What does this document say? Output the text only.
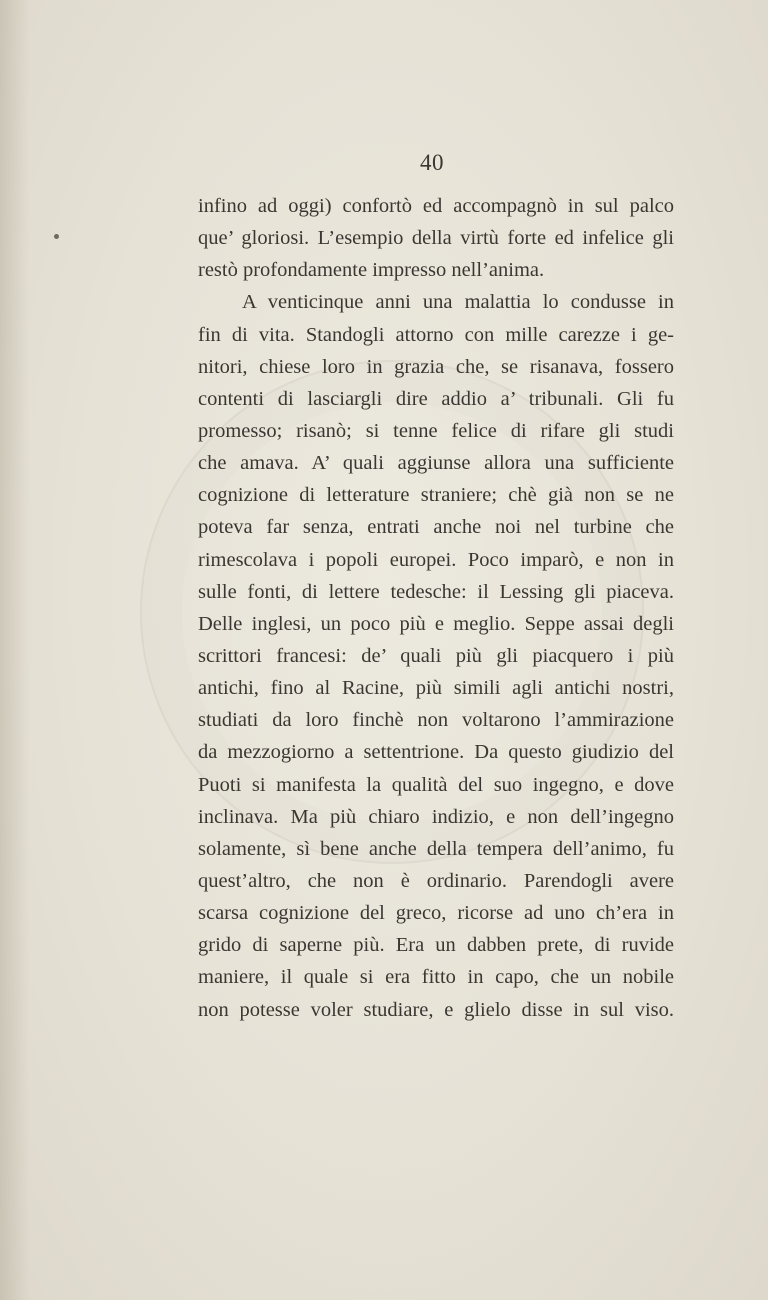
40
infino ad oggi) confortò ed accompagnò in sul palco
que’ gloriosi. L’esempio della virtù forte ed infelice gli
restò profondamente impresso nell’anima.
A venticinque anni una malattia lo condusse in
fin di vita. Standogli attorno con mille carezze i ge-
nitori, chiese loro in grazia che, se risanava, fossero
contenti di lasciargli dire addio a’ tribunali. Gli fu
promesso; risanò; si tenne felice di rifare gli studi
che amava. A’ quali aggiunse allora una sufficiente
cognizione di letterature straniere; chè già non se ne
poteva far senza, entrati anche noi nel turbine che
rimescolava i popoli europei. Poco imparò, e non in
sulle fonti, di lettere tedesche: il Lessing gli piaceva.
Delle inglesi, un poco più e meglio. Seppe assai degli
scrittori francesi: de’ quali più gli piacquero i più
antichi, fino al Racine, più simili agli antichi nostri,
studiati da loro finchè non voltarono l’ammirazione
da mezzogiorno a settentrione. Da questo giudizio del
Puoti si manifesta la qualità del suo ingegno, e dove
inclinava. Ma più chiaro indizio, e non dell’ingegno
solamente, sì bene anche della tempera dell’animo, fu
quest’altro, che non è ordinario. Parendogli avere
scarsa cognizione del greco, ricorse ad uno ch’era in
grido di saperne più. Era un dabben prete, di ruvide
maniere, il quale si era fitto in capo, che un nobile
non potesse voler studiare, e glielo disse in sul viso.
